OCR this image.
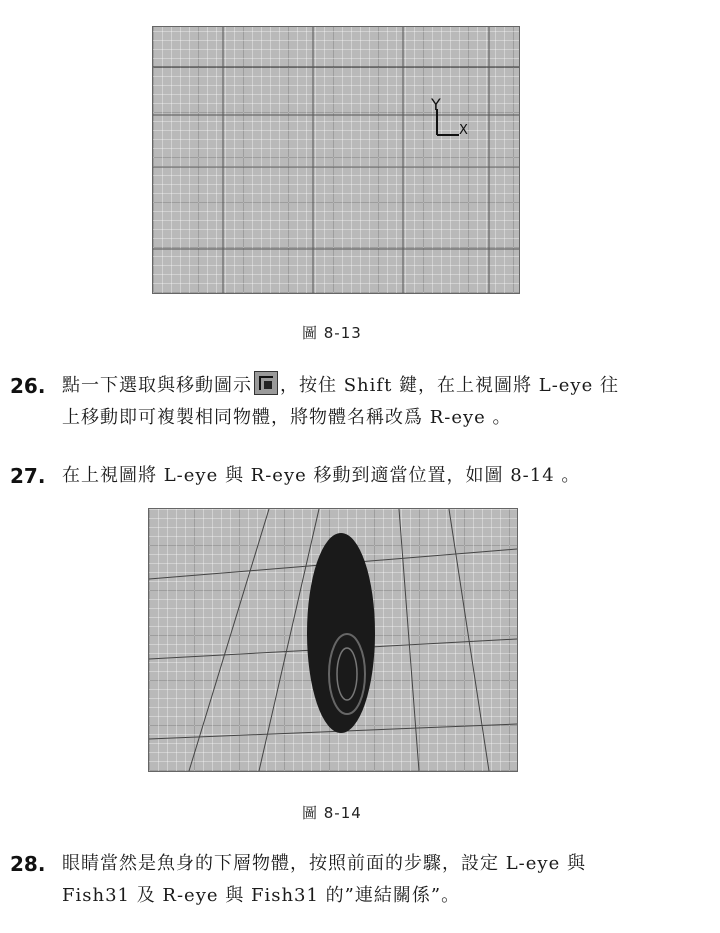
Y
X
圖 8-13
26. 點一下選取與移動圖示 ，按住 Shift 鍵，在上視圖將 L-eye 往
上移動即可複製相同物體，將物體名稱改爲 R-eye 。
27. 在上視圖將 L-eye 與 R-eye 移動到適當位置，如圖 8-14 。
圖 8-14
28. 眼睛當然是魚身的下層物體，按照前面的步驟，設定 L-eye 與
Fish31 及 R-eye 與 Fish31 的”連結關係”。
